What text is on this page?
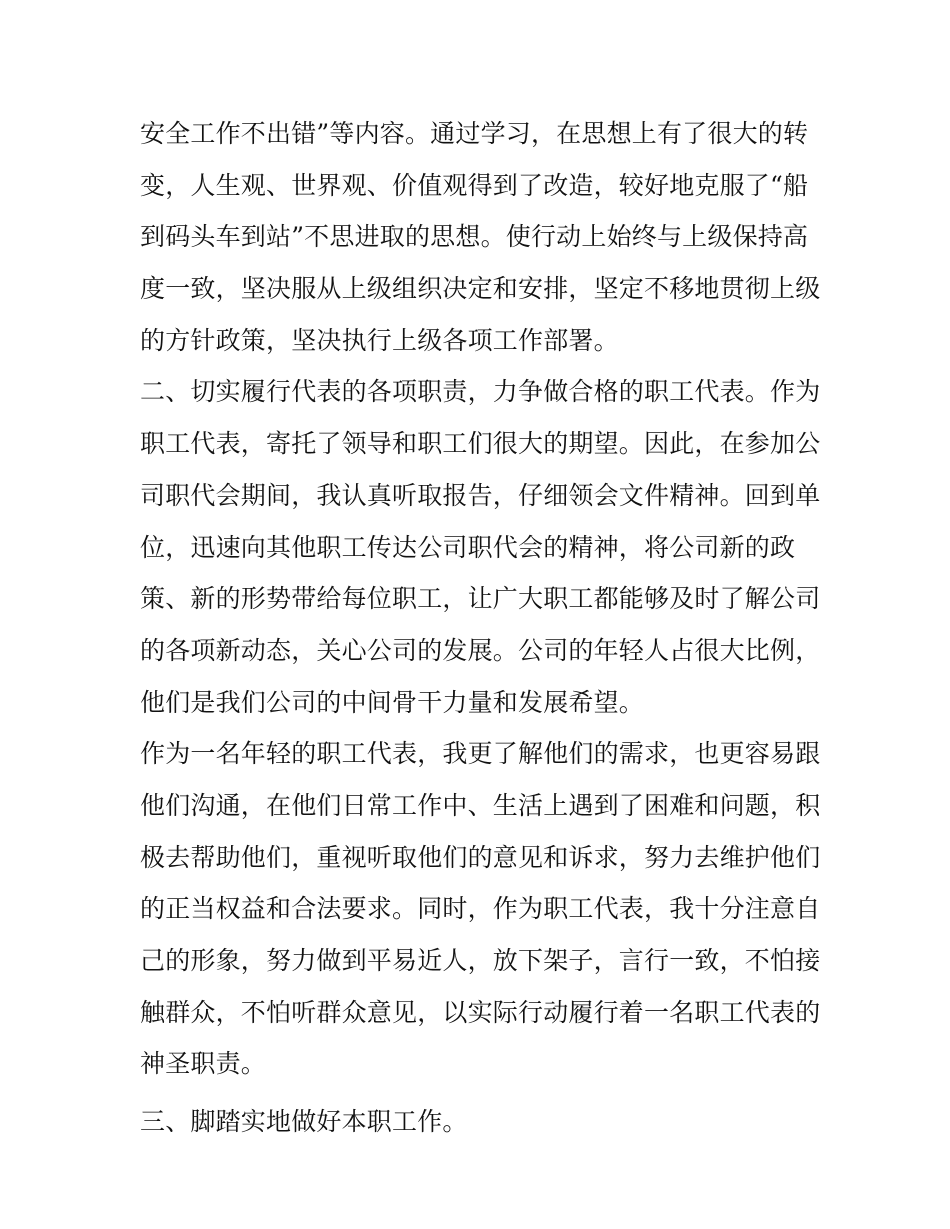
安全工作不出错”等内容。通过学习，在思想上有了很大的转
变，人生观、世界观、价值观得到了改造，较好地克服了“船
到码头车到站”不思进取的思想。使行动上始终与上级保持高
度一致，坚决服从上级组织决定和安排，坚定不移地贯彻上级
的方针政策，坚决执行上级各项工作部署。
二、切实履行代表的各项职责，力争做合格的职工代表。作为
职工代表，寄托了领导和职工们很大的期望。因此，在参加公
司职代会期间，我认真听取报告，仔细领会文件精神。回到单
位，迅速向其他职工传达公司职代会的精神，将公司新的政
策、新的形势带给每位职工，让广大职工都能够及时了解公司
的各项新动态，关心公司的发展。公司的年轻人占很大比例，
他们是我们公司的中间骨干力量和发展希望。
作为一名年轻的职工代表，我更了解他们的需求，也更容易跟
他们沟通，在他们日常工作中、生活上遇到了困难和问题，积
极去帮助他们，重视听取他们的意见和诉求，努力去维护他们
的正当权益和合法要求。同时，作为职工代表，我十分注意自
己的形象，努力做到平易近人，放下架子，言行一致，不怕接
触群众，不怕听群众意见，以实际行动履行着一名职工代表的
神圣职责。
三、脚踏实地做好本职工作。
